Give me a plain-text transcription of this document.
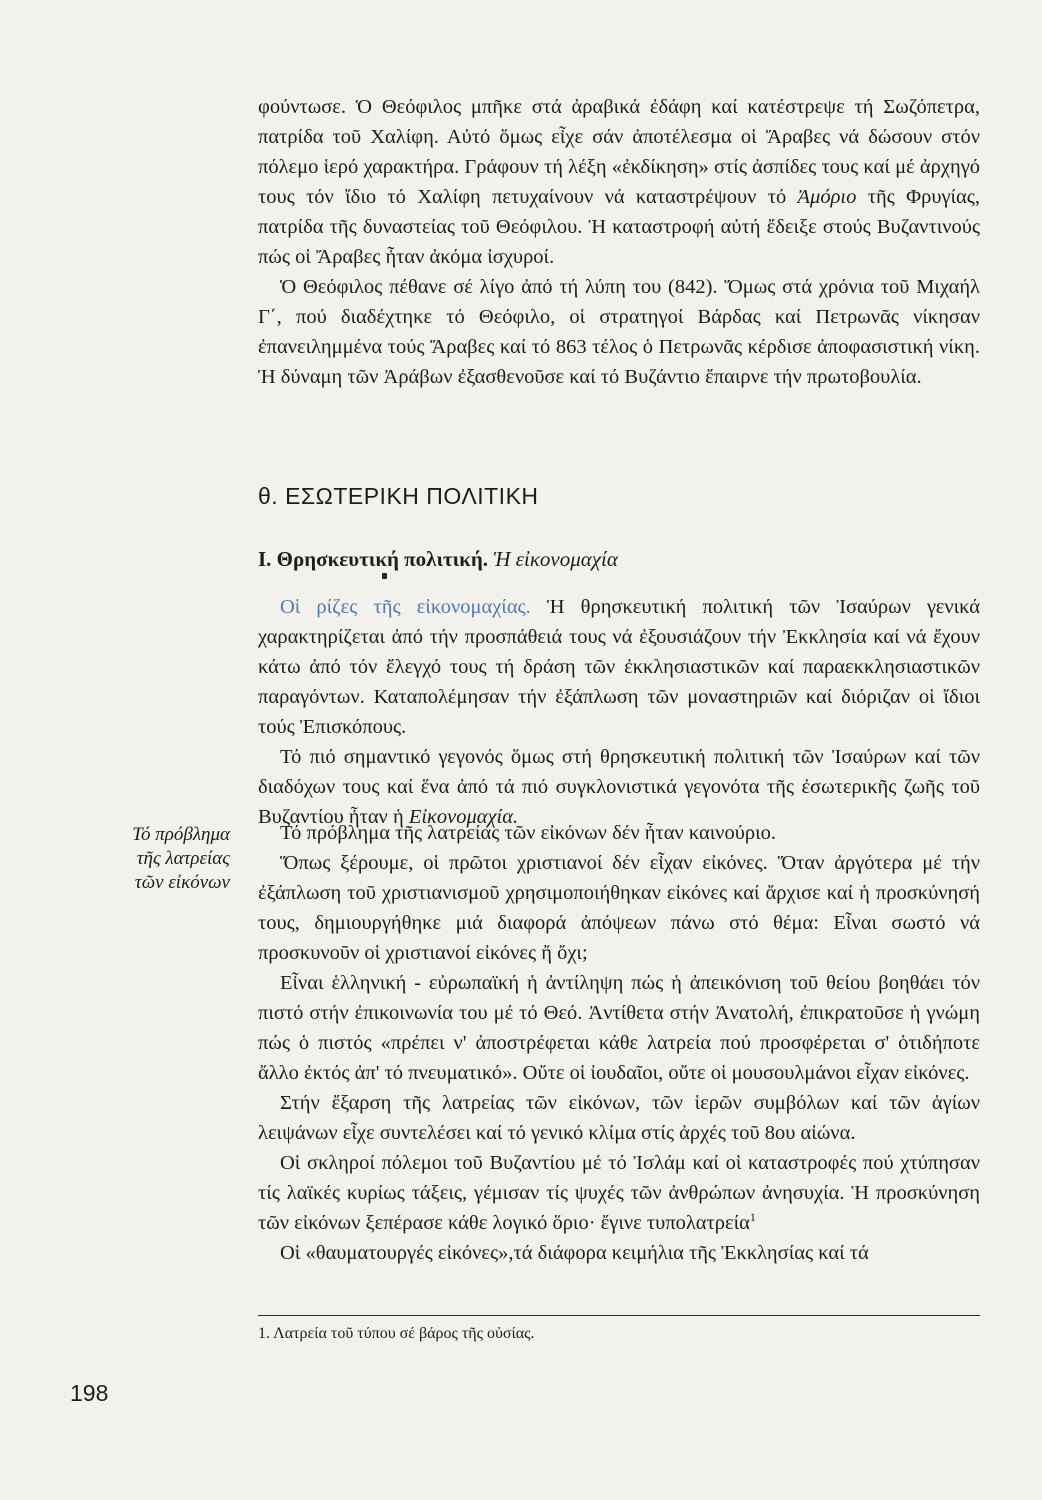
φούντωσε. Ὁ Θεόφιλος μπῆκε στά ἀραβικά ἐδάφη καί κατέστρεψε τή Σωζόπετρα, πατρίδα τοῦ Χαλίφη. Αὐτό ὅμως εἶχε σάν ἀποτέλεσμα οἱ Ἄραβες νά δώσουν στόν πόλεμο ἱερό χαρακτήρα. Γράφουν τή λέξη «ἐκδίκηση» στίς ἀσπίδες τους καί μέ ἀρχηγό τους τόν ἴδιο τό Χαλίφη πετυχαίνουν νά καταστρέψουν τό Ἀμόριο τῆς Φρυγίας, πατρίδα τῆς δυναστείας τοῦ Θεόφιλου. Ἡ καταστροφή αὐτή ἔδειξε στούς Βυζαντινούς πώς οἱ Ἄραβες ἦταν ἀκόμα ἰσχυροί.

Ὁ Θεόφιλος πέθανε σέ λίγο ἀπό τή λύπη του (842). Ὅμως στά χρόνια τοῦ Μιχαήλ Γ΄, πού διαδέχτηκε τό Θεόφιλο, οἱ στρατηγοί Βάρδας καί Πετρωνᾶς νίκησαν ἐπανειλημμένα τούς Ἄραβες καί τό 863 τέλος ὁ Πετρωνᾶς κέρδισε ἀποφασιστική νίκη. Ἡ δύναμη τῶν Ἀράβων ἐξασθενοῦσε καί τό Βυζάντιο ἔπαιρνε τήν πρωτοβουλία.

θ. ΕΣΩΤΕΡΙΚΗ ΠΟΛΙΤΙΚΗ
Ι. Θρησκευτική πολιτική. Ἡ εἰκονομαχία

Οἱ ρίζες τῆς εἰκονομαχίας. Ἡ θρησκευτική πολιτική τῶν Ἰσαύρων γενικά χαρακτηρίζεται ἀπό τήν προσπάθειά τους νά ἐξουσιάζουν τήν Ἐκκλησία καί νά ἔχουν κάτω ἀπό τόν ἔλεγχό τους τή δράση τῶν ἐκκλησιαστικῶν καί παραεκκλησιαστικῶν παραγόντων. Καταπολέμησαν τήν ἐξάπλωση τῶν μοναστηριῶν καί διόριζαν οἱ ἴδιοι τούς Ἐπισκόπους.

Τό πιό σημαντικό γεγονός ὅμως στή θρησκευτική πολιτική τῶν Ἰσαύρων καί τῶν διαδόχων τους καί ἕνα ἀπό τά πιό συγκλονιστικά γεγονότα τῆς ἐσωτερικῆς ζωῆς τοῦ Βυζαντίου ἦταν ἡ Εἰκονομαχία.

Τό πρόβλημα τῆς λατρείας τῶν εἰκόνων

Τό πρόβλημα τῆς λατρείας τῶν εἰκόνων δέν ἦταν καινούριο.

Ὅπως ξέρουμε, οἱ πρῶτοι χριστιανοί δέν εἶχαν εἰκόνες. Ὅταν ἀργότερα μέ τήν ἐξάπλωση τοῦ χριστιανισμοῦ χρησιμοποιήθηκαν εἰκόνες καί ἄρχισε καί ἡ προσκύνησή τους, δημιουργήθηκε μιά διαφορά ἀπόψεων πάνω στό θέμα: Εἶναι σωστό νά προσκυνοῦν οἱ χριστιανοί εἰκόνες ἤ ὄχι;

Εἶναι ἑλληνική - εὐρωπαϊκή ἡ ἀντίληψη πώς ἡ ἀπεικόνιση τοῦ θείου βοηθάει τόν πιστό στήν ἐπικοινωνία του μέ τό Θεό. Ἀντίθετα στήν Ἀνατολή, ἐπικρατοῦσε ἡ γνώμη πώς ὁ πιστός «πρέπει ν' ἀποστρέφεται κάθε λατρεία πού προσφέρεται σ' ὁτιδήποτε ἄλλο ἐκτός ἀπ' τό πνευματικό». Οὔτε οἱ ἰουδαῖοι, οὔτε οἱ μουσουλμάνοι εἶχαν εἰκόνες.

Στήν ἔξαρση τῆς λατρείας τῶν εἰκόνων, τῶν ἱερῶν συμβόλων καί τῶν ἁγίων λειψάνων εἶχε συντελέσει καί τό γενικό κλίμα στίς ἀρχές τοῦ 8ου αἰώνα.

Οἱ σκληροί πόλεμοι τοῦ Βυζαντίου μέ τό Ἰσλάμ καί οἱ καταστροφές πού χτύπησαν τίς λαϊκές κυρίως τάξεις, γέμισαν τίς ψυχές τῶν ἀνθρώπων ἀνησυχία. Ἡ προσκύνηση τῶν εἰκόνων ξεπέρασε κάθε λογικό ὅριο· ἔγινε τυπολατρεία$^1$

Οἱ «θαυματουργές εἰκόνες»,τά διάφορα κειμήλια τῆς Ἐκκλησίας καί τά

1. Λατρεία τοῦ τύπου σέ βάρος τῆς οὐσίας.

198
